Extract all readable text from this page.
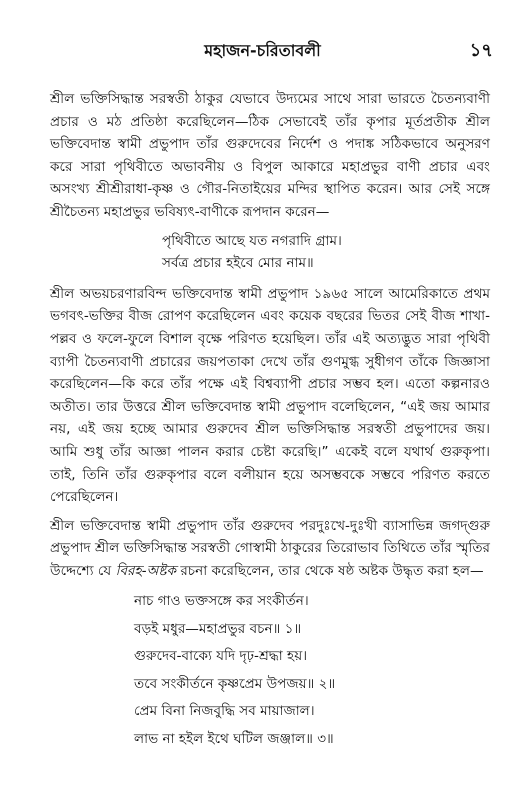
মহাজন-চরিতাবলী	১৭

শ্রীল ভক্তিসিদ্ধান্ত সরস্বতী ঠাকুর যেভাবে উদ্যমের সাথে সারা ভারতে চৈতন্যবাণী প্রচার ও মঠ প্রতিষ্ঠা করেছিলেন—ঠিক সেভাবেই তাঁর কৃপার মূর্তপ্রতীক শ্রীল ভক্তিবেদান্ত স্বামী প্রভুপাদ তাঁর গুরুদেবের নির্দেশ ও পদাঙ্ক সঠিকভাবে অনুসরণ করে সারা পৃথিবীতে অভাবনীয় ও বিপুল আকারে মহাপ্রভুর বাণী প্রচার এবং অসংখ্য শ্রীশ্রীরাধা-কৃষ্ণ ও গৌর-নিতাইয়ের মন্দির স্থাপিত করেন। আর সেই সঙ্গে শ্রীচৈতন্য মহাপ্রভুর ভবিষ্যৎ-বাণীকে রূপদান করেন—

পৃথিবীতে আছে যত নগরাদি গ্রাম।
সর্বত্র প্রচার হইবে মোর নাম॥

শ্রীল অভয়চরণারবিন্দ ভক্তিবেদান্ত স্বামী প্রভুপাদ ১৯৬৫ সালে আমেরিকাতে প্রথম ভগবৎ-ভক্তির বীজ রোপণ করেছিলেন এবং কয়েক বছরের ভিতর সেই বীজ শাখা-পল্লব ও ফলে-ফুলে বিশাল বৃক্ষে পরিণত হয়েছিল। তাঁর এই অত্যদ্ভুত সারা পৃথিবী ব্যাপী চৈতন্যবাণী প্রচারের জয়পতাকা দেখে তাঁর গুণমুগ্ধ সুধীগণ তাঁকে জিজ্ঞাসা করেছিলেন—কি করে তাঁর পক্ষে এই বিশ্বব্যাপী প্রচার সম্ভব হল। এতো কল্পনারও অতীত। তার উত্তরে শ্রীল ভক্তিবেদান্ত স্বামী প্রভুপাদ বলেছিলেন, “এই জয় আমার নয়, এই জয় হচ্ছে আমার গুরুদেব শ্রীল ভক্তিসিদ্ধান্ত সরস্বতী প্রভুপাদের জয়। আমি শুধু তাঁর আজ্ঞা পালন করার চেষ্টা করেছি।” একেই বলে যথার্থ গুরুকৃপা। তাই, তিনি তাঁর গুরুকৃপার বলে বলীয়ান হয়ে অসম্ভবকে সম্ভবে পরিণত করতে পেরেছিলেন।

শ্রীল ভক্তিবেদান্ত স্বামী প্রভুপাদ তাঁর গুরুদেব পরদুঃখে-দুঃখী ব্যাসাভিন্ন জগদ্গুরু প্রভুপাদ শ্রীল ভক্তিসিদ্ধান্ত সরস্বতী গোস্বামী ঠাকুরের তিরোভাব তিথিতে তাঁর স্মৃতির উদ্দেশ্যে যে বিরহ-অষ্টক রচনা করেছিলেন, তার থেকে ষষ্ঠ অষ্টক উদ্ধৃত করা হল—

নাচ গাও ভক্তসঙ্গে কর সংকীর্তন।
বড়ই মধুর—মহাপ্রভুর বচন॥ ১॥
গুরুদেব-বাক্যে যদি দৃঢ়-শ্রদ্ধা হয়।
তবে সংকীর্তনে কৃষ্ণপ্রেম উপজয়॥ ২॥
প্রেম বিনা নিজবুদ্ধি সব মায়াজাল।
লাভ না হইল ইথে ঘটিল জঞ্জাল॥ ৩॥
